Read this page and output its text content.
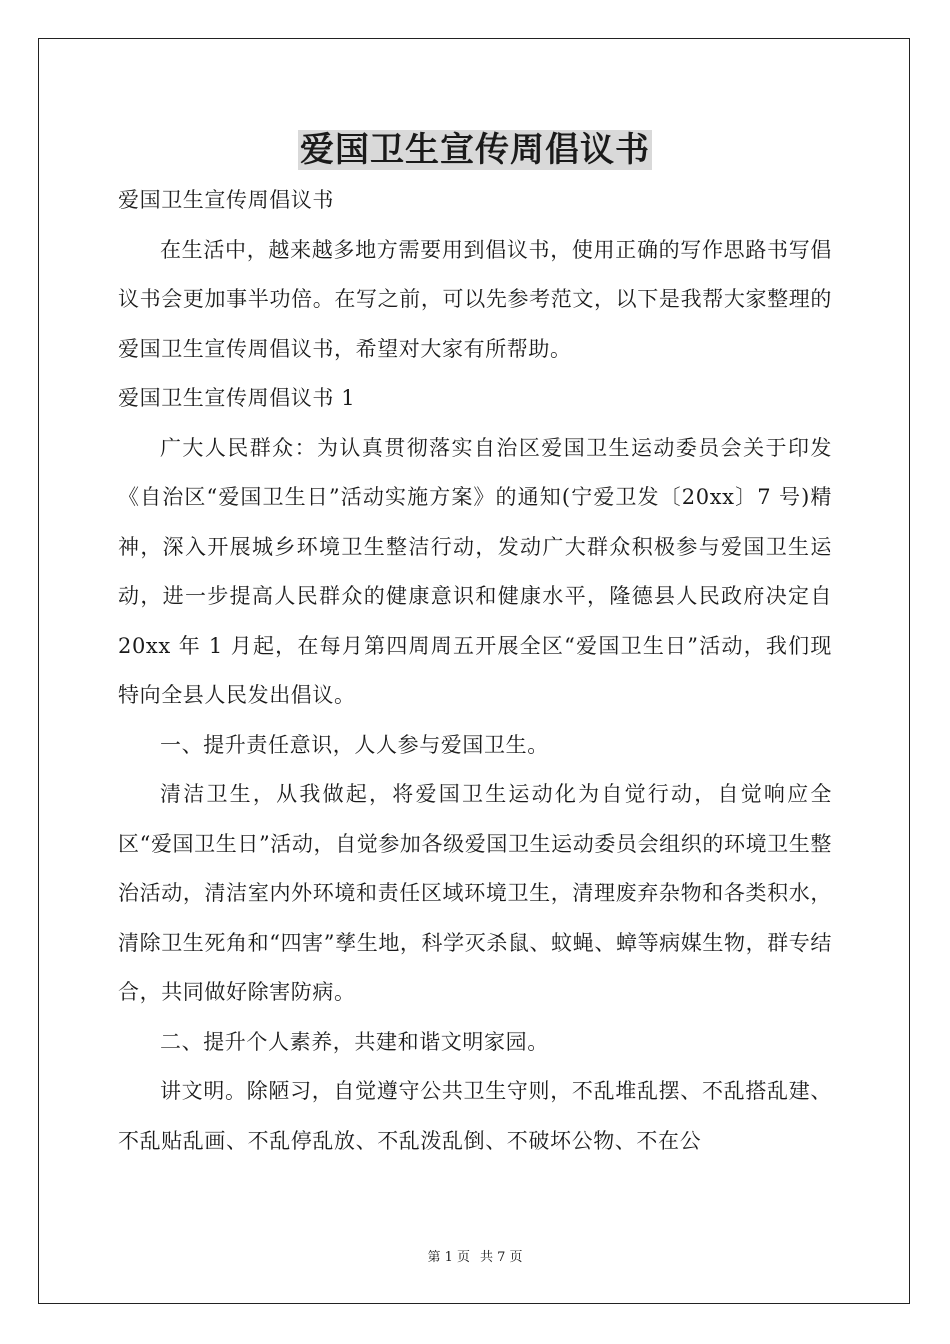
爱国卫生宣传周倡议书

爱国卫生宣传周倡议书

在生活中，越来越多地方需要用到倡议书，使用正确的写作思路书写倡议书会更加事半功倍。在写之前，可以先参考范文，以下是我帮大家整理的爱国卫生宣传周倡议书，希望对大家有所帮助。

爱国卫生宣传周倡议书 1

广大人民群众：为认真贯彻落实自治区爱国卫生运动委员会关于印发《自治区“爱国卫生日”活动实施方案》的通知(宁爱卫发〔20xx〕7 号)精神，深入开展城乡环境卫生整洁行动，发动广大群众积极参与爱国卫生运动，进一步提高人民群众的健康意识和健康水平，隆德县人民政府决定自 20xx 年 1 月起，在每月第四周周五开展全区“爱国卫生日”活动，我们现特向全县人民发出倡议。

一、提升责任意识，人人参与爱国卫生。

清洁卫生，从我做起，将爱国卫生运动化为自觉行动，自觉响应全区“爱国卫生日”活动，自觉参加各级爱国卫生运动委员会组织的环境卫生整治活动，清洁室内外环境和责任区域环境卫生，清理废弃杂物和各类积水，清除卫生死角和“四害”孳生地，科学灭杀鼠、蚊蝇、蟑等病媒生物，群专结合，共同做好除害防病。

二、提升个人素养，共建和谐文明家园。

讲文明。除陋习，自觉遵守公共卫生守则，不乱堆乱摆、不乱搭乱建、不乱贴乱画、不乱停乱放、不乱泼乱倒、不破坏公物、不在公

第 1 页 共 7 页
